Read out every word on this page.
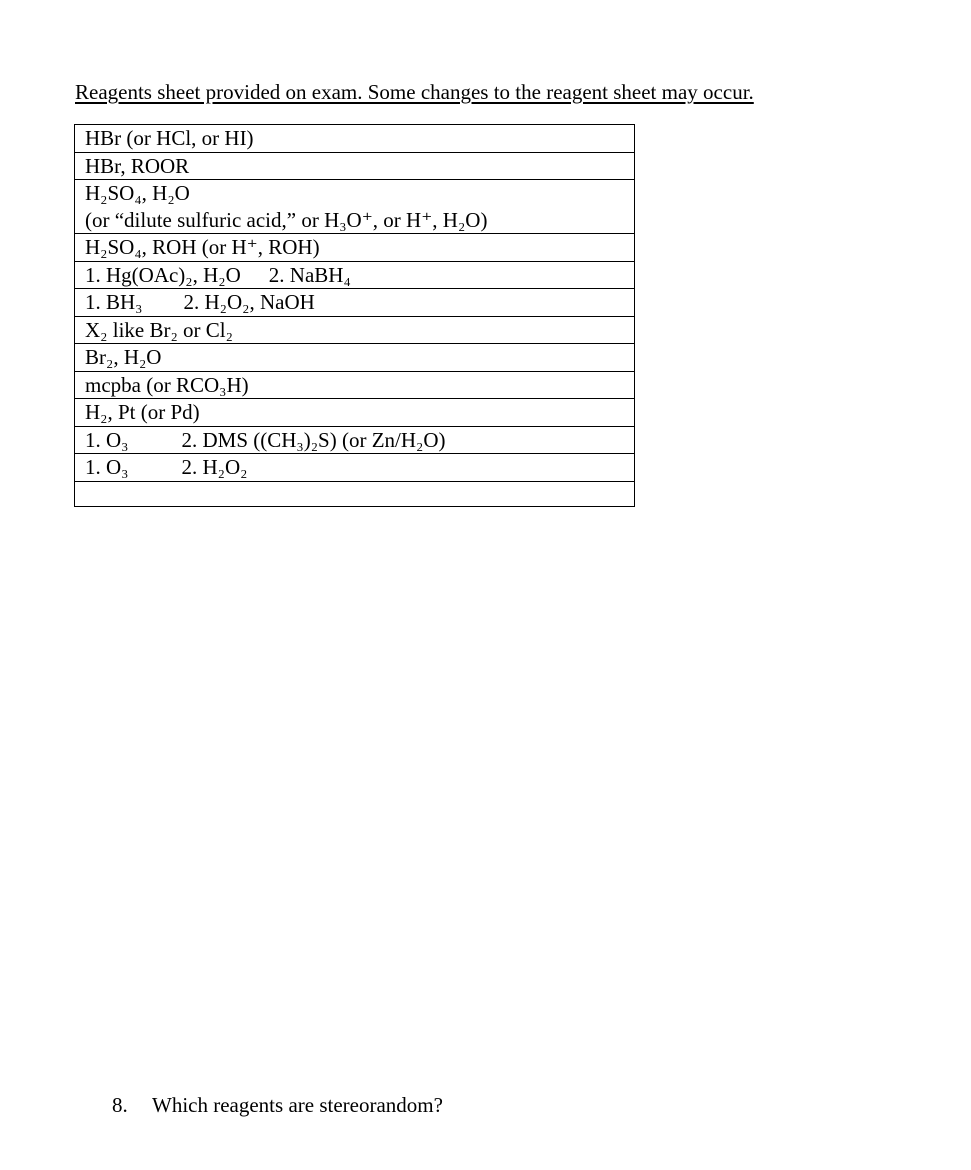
Reagents sheet provided on exam. Some changes to the reagent sheet may occur.

HBr (or HCl, or HI)
HBr, ROOR

H₂SO₄, H₂O
(or “dilute sulfuric acid,” or H₃O⁺, or H⁺, H₂O)

H₂SO₄, ROH (or H⁺, ROH)
1. Hg(OAc)₂, H₂O 2. NaBH₄
1. BH₃ 2. H₂O₂, NaOH
X₂ like Br₂ or Cl₂
Br₂, H₂O
mcpba (or RCO₃H)
H₂, Pt (or Pd)
1. O₃	2. DMS ((CH₃)₂S) (or Zn/H₂O)
1. O₃	2. H₂O₂

8. Which reagents are stereorandom?
